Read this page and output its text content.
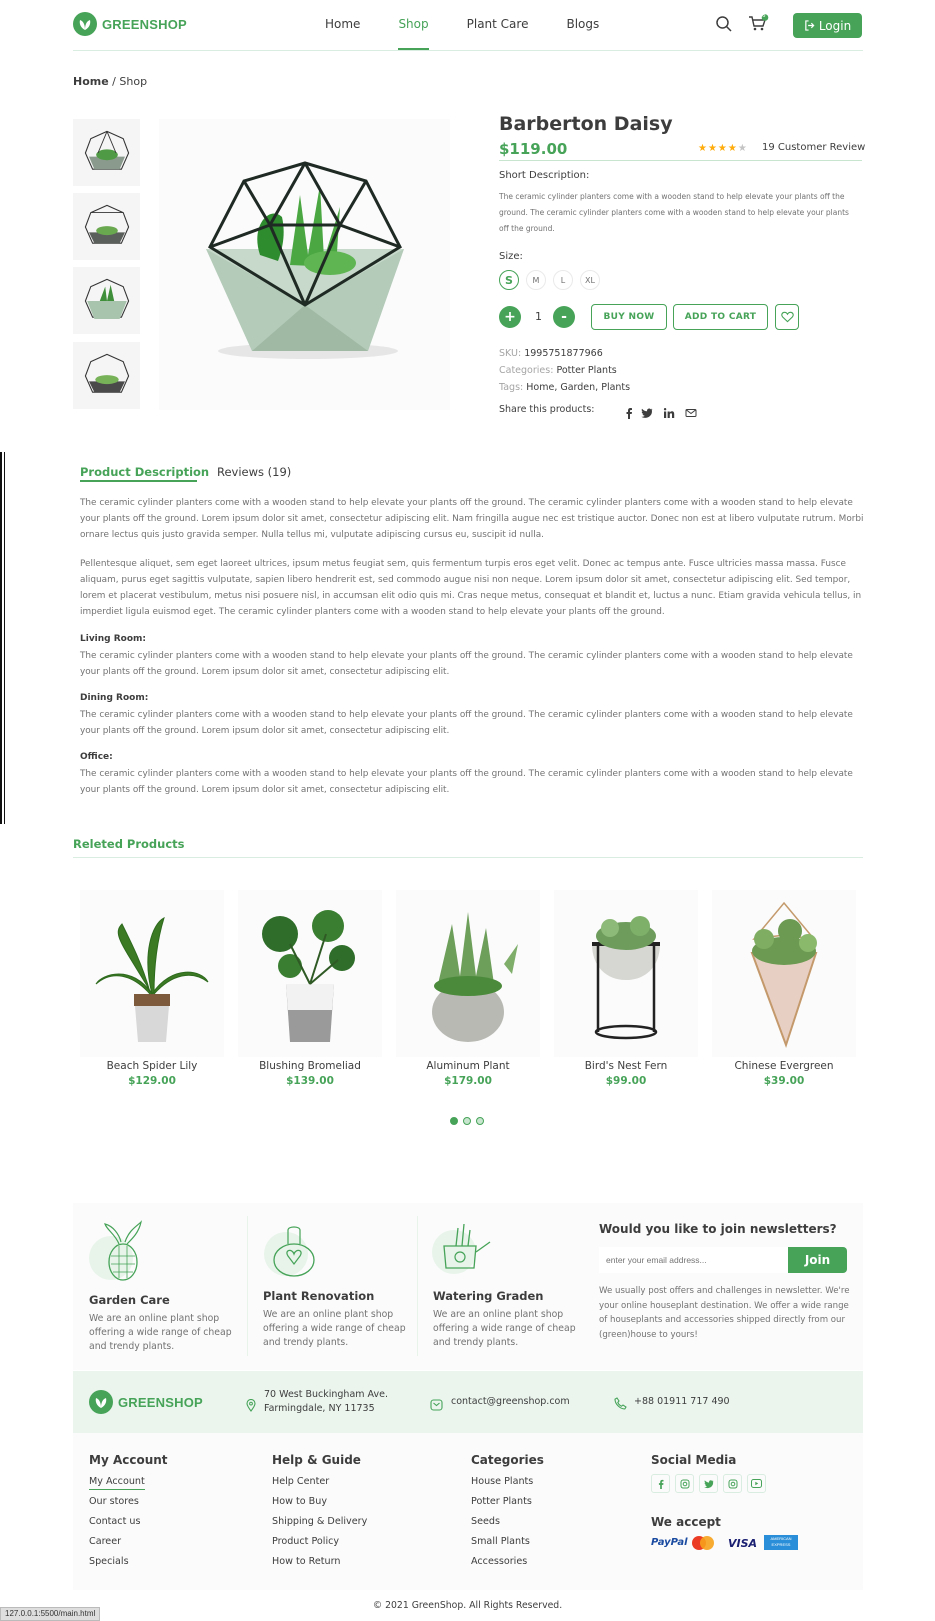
GREENSHOP	Home	Shop	Plant Care	Blogs
6
Login
Home / Shop
Barberton Daisy
$119.00	★★★★★ 19 Customer Review
Short Description:
The ceramic cylinder planters come with a wooden stand to help elevate your plants off the ground. The ceramic cylinder planters come with a wooden stand to help elevate your plants off the ground.
Size:
S	M	L	XL
+	1	-	BUY NOW	ADD TO CART
SKU: 1995751877966
Categories: Potter Plants
Tags: Home, Garden, Plants
Share this products:
Product Description Reviews (19)
The ceramic cylinder planters come with a wooden stand to help elevate your plants off the ground. The ceramic cylinder planters come with a wooden stand to help elevate your plants off the ground. Lorem ipsum dolor sit amet, consectetur adipiscing elit. Nam fringilla augue nec est tristique auctor. Donec non est at libero vulputate rutrum. Morbi ornare lectus quis justo gravida semper. Nulla tellus mi, vulputate adipiscing cursus eu, suscipit id nulla.
Pellentesque aliquet, sem eget laoreet ultrices, ipsum metus feugiat sem, quis fermentum turpis eros eget velit. Donec ac tempus ante. Fusce ultricies massa massa. Fusce aliquam, purus eget sagittis vulputate, sapien libero hendrerit est, sed commodo augue nisi non neque. Lorem ipsum dolor sit amet, consectetur adipiscing elit. Sed tempor, lorem et placerat vestibulum, metus nisi posuere nisl, in accumsan elit odio quis mi. Cras neque metus, consequat et blandit et, luctus a nunc. Etiam gravida vehicula tellus, in imperdiet ligula euismod eget. The ceramic cylinder planters come with a wooden stand to help elevate your plants off the ground.
Living Room:
The ceramic cylinder planters come with a wooden stand to help elevate your plants off the ground. The ceramic cylinder planters come with a wooden stand to help elevate your plants off the ground. Lorem ipsum dolor sit amet, consectetur adipiscing elit.
Dining Room:
The ceramic cylinder planters come with a wooden stand to help elevate your plants off the ground. The ceramic cylinder planters come with a wooden stand to help elevate your plants off the ground. Lorem ipsum dolor sit amet, consectetur adipiscing elit.
Office:
The ceramic cylinder planters come with a wooden stand to help elevate your plants off the ground. The ceramic cylinder planters come with a wooden stand to help elevate your plants off the ground. Lorem ipsum dolor sit amet, consectetur adipiscing elit.
Releted Products
Beach Spider Lily
$129.00
Blushing Bromeliad
$139.00
Aluminum Plant
$179.00
Bird's Nest Fern
$99.00
Chinese Evergreen
$39.00
Garden Care
We are an online plant shop offering a wide range of cheap and trendy plants.
Plant Renovation
We are an online plant shop offering a wide range of cheap and trendy plants.
Watering Graden
We are an online plant shop offering a wide range of cheap and trendy plants.
Would you like to join newsletters?
enter your email address...
Join
We usually post offers and challenges in newsletter. We're your online houseplant destination. We offer a wide range of houseplants and accessories shipped directly from our (green)house to yours!
GREENSHOP	70 West Buckingham Ave.
Farmingdale, NY 11735
contact@greenshop.com	+88 01911 717 490
My Account
My Account
Our stores
Contact us
Career
Specials
Help & Guide
Help Center
How to Buy
Shipping & Delivery
Product Policy
How to Return
Categories
House Plants
Potter Plants
Seeds
Small Plants
Accessories
Social Media
We accept
PayPal	VISA	AMERICAN EXPRESS
© 2021 GreenShop. All Rights Reserved.
127.0.0.1:5500/main.html
